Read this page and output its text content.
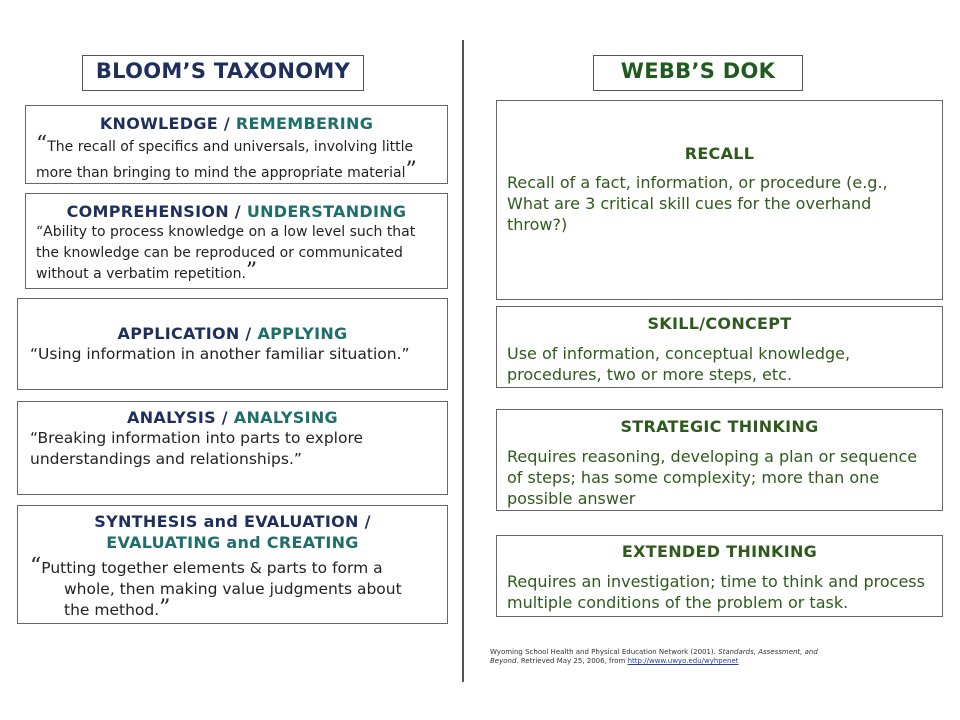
BLOOM’S TAXONOMY
KNOWLEDGE / REMEMBERING
“The recall of specifics and universals, involving little more than bringing to mind the appropriate material”
COMPREHENSION / UNDERSTANDING
“Ability to process knowledge on a low level such that the knowledge can be reproduced or communicated without a verbatim repetition.”
APPLICATION / APPLYING
“Using information in another familiar situation.”
ANALYSIS / ANALYSING
“Breaking information into parts to explore understandings and relationships.”
SYNTHESIS and EVALUATION /
EVALUATING and CREATING
“Putting together elements & parts to form a whole, then making value judgments about the method.”
WEBB’S DOK
RECALL
Recall of a fact, information, or procedure (e.g., What are 3 critical skill cues for the overhand throw?)
SKILL/CONCEPT
Use of information, conceptual knowledge, procedures, two or more steps, etc.
STRATEGIC THINKING
Requires reasoning, developing a plan or sequence of steps; has some complexity; more than one possible answer
EXTENDED THINKING
Requires an investigation; time to think and process multiple conditions of the problem or task.
Wyoming School Health and Physical Education Network (2001). Standards, Assessment, and
Beyond. Retrieved May 25, 2006, from http://www.uwyo.edu/wyhpenet
